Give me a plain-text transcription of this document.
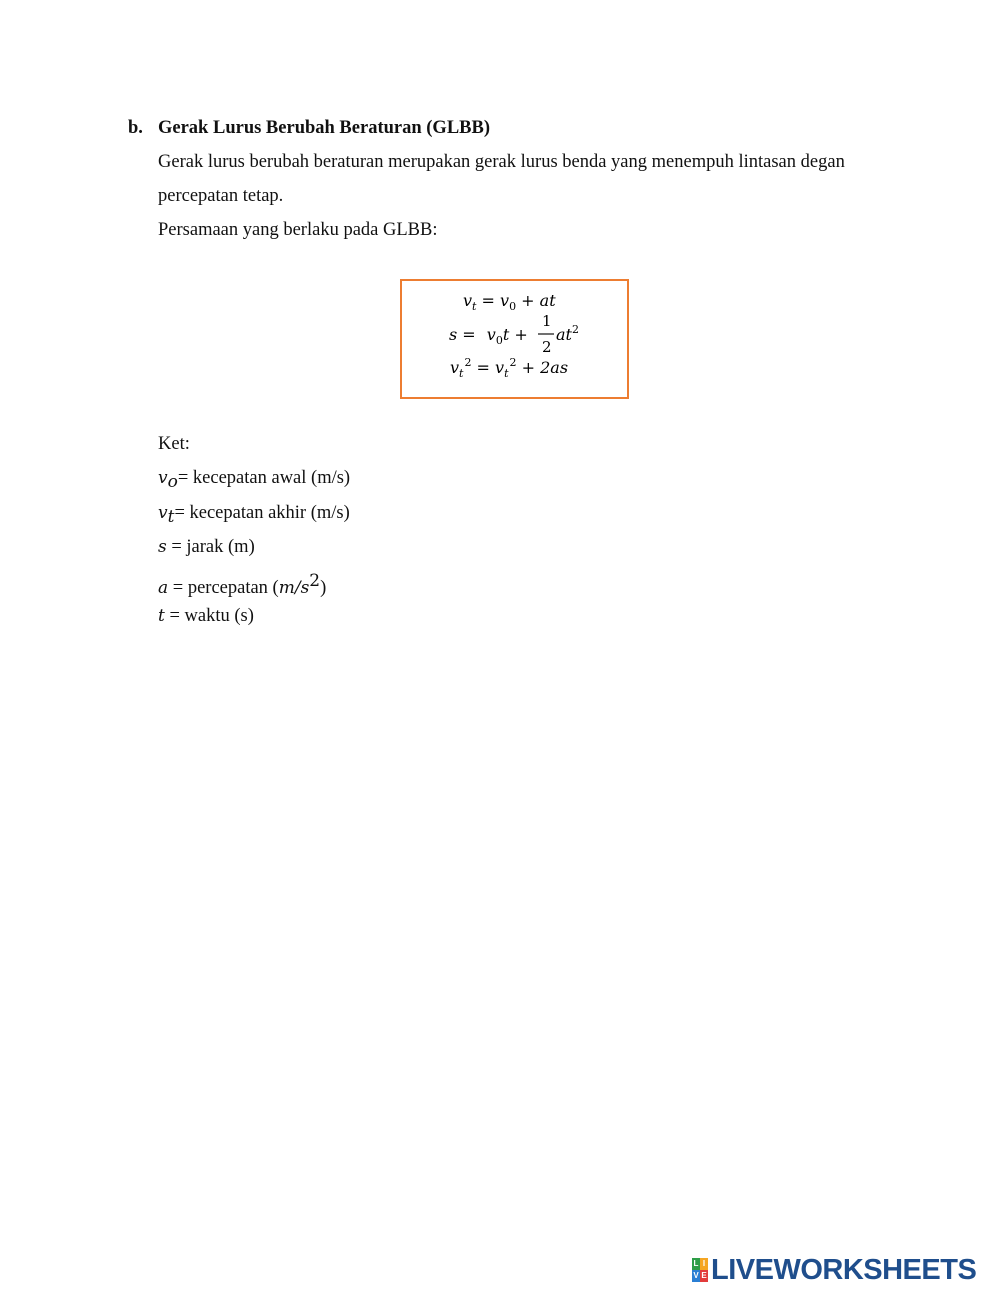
b. Gerak Lurus Berubah Beraturan (GLBB)
Gerak lurus berubah beraturan merupakan gerak lurus benda yang menempuh lintasan degan
percepatan tetap.
Persamaan yang berlaku pada GLBB:
$v_t = v_0$ + at
$s = v_0t$ +
1
2
$at^2$
$v_t^2 = v_t^2 + 2as$
Ket:
$v_o=$ kecepatan awal (m/s)
$v_t=$ kecepatan akhir (m/s)
s = jarak (m)
a = percepatan $(m/s^2)$
t = waktu (s)
L I
V E LIVEWORKSHEETS
